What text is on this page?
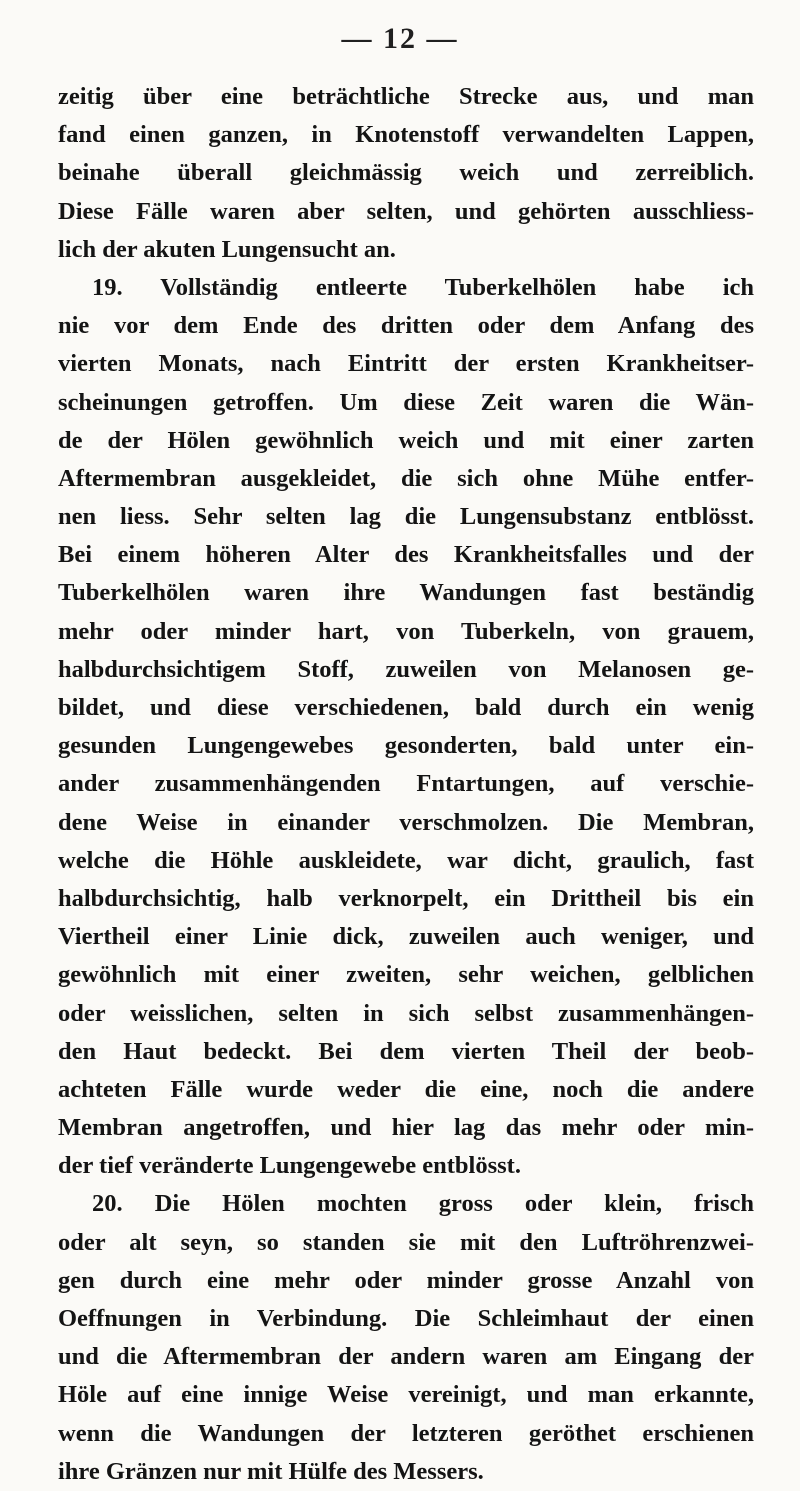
— 12 —
zeitig über eine beträchtliche Strecke aus, und man
fand einen ganzen, in Knotenstoff verwandelten Lappen,
beinahe überall gleichmässig weich und zerreiblich.
Diese Fälle waren aber selten, und gehörten ausschliess-
lich der akuten Lungensucht an.
19. Vollständig entleerte Tuberkelhölen habe ich
nie vor dem Ende des dritten oder dem Anfang des
vierten Monats, nach Eintritt der ersten Krankheitser-
scheinungen getroffen. Um diese Zeit waren die Wän-
de der Hölen gewöhnlich weich und mit einer zarten
Aftermembran ausgekleidet, die sich ohne Mühe entfer-
nen liess. Sehr selten lag die Lungensubstanz entblösst.
Bei einem höheren Alter des Krankheitsfalles und der
Tuberkelhölen waren ihre Wandungen fast beständig
mehr oder minder hart, von Tuberkeln, von grauem,
halbdurchsichtigem Stoff, zuweilen von Melanosen ge-
bildet, und diese verschiedenen, bald durch ein wenig
gesunden Lungengewebes gesonderten, bald unter ein-
ander zusammenhängenden Fntartungen, auf verschie-
dene Weise in einander verschmolzen. Die Membran,
welche die Höhle auskleidete, war dicht, graulich, fast
halbdurchsichtig, halb verknorpelt, ein Drittheil bis ein
Viertheil einer Linie dick, zuweilen auch weniger, und
gewöhnlich mit einer zweiten, sehr weichen, gelblichen
oder weisslichen, selten in sich selbst zusammenhängen-
den Haut bedeckt. Bei dem vierten Theil der beob-
achteten Fälle wurde weder die eine, noch die andere
Membran angetroffen, und hier lag das mehr oder min-
der tief veränderte Lungengewebe entblösst.
20. Die Hölen mochten gross oder klein, frisch
oder alt seyn, so standen sie mit den Luftröhrenzwei-
gen durch eine mehr oder minder grosse Anzahl von
Oeffnungen in Verbindung. Die Schleimhaut der einen
und die Aftermembran der andern waren am Eingang der
Höle auf eine innige Weise vereinigt, und man erkannte,
wenn die Wandungen der letzteren geröthet erschienen
ihre Gränzen nur mit Hülfe des Messers.
